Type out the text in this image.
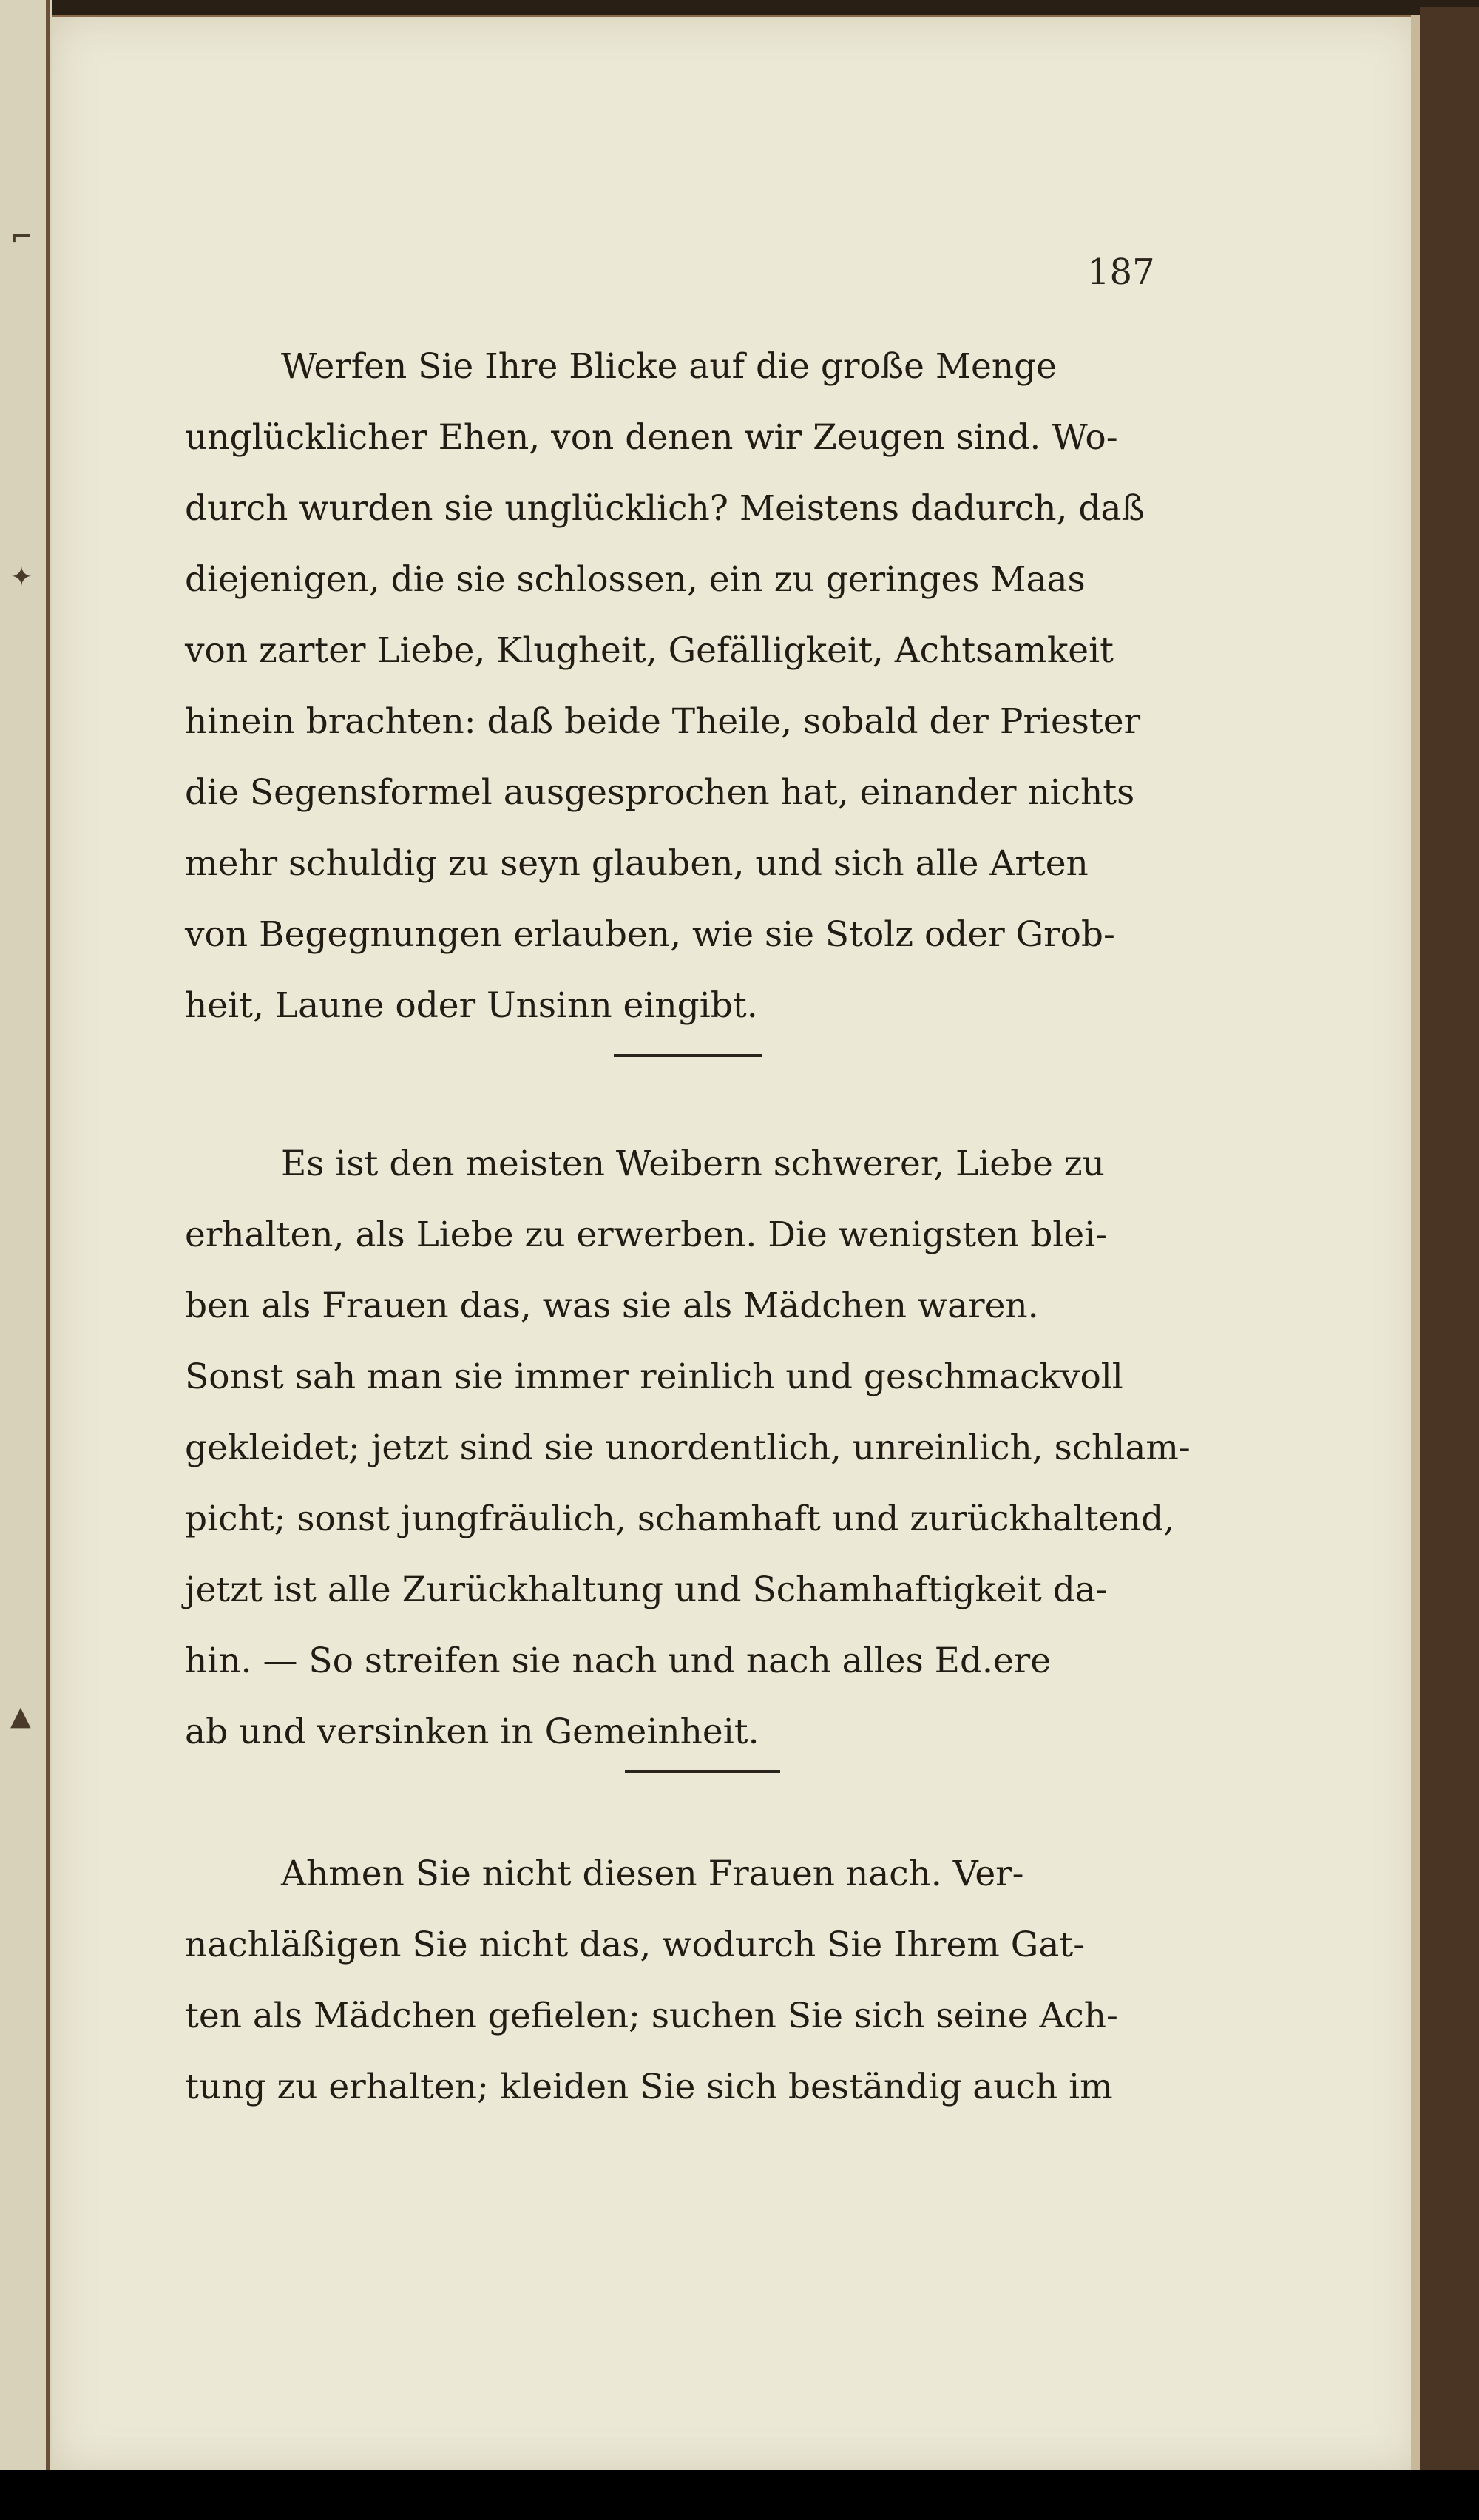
⌐
✦
▲
187
Werfen Sie Ihre Blicke auf die große Menge
unglücklicher Ehen, von denen wir Zeugen sind. Wo-
durch wurden sie unglücklich? Meistens dadurch, daß
diejenigen, die sie schlossen, ein zu geringes Maas
von zarter Liebe, Klugheit, Gefälligkeit, Achtsamkeit
hinein brachten: daß beide Theile, sobald der Priester
die Segensformel ausgesprochen hat, einander nichts
mehr schuldig zu seyn glauben, und sich alle Arten
von Begegnungen erlauben, wie sie Stolz oder Grob-
heit, Laune oder Unsinn eingibt.
Es ist den meisten Weibern schwerer, Liebe zu
erhalten, als Liebe zu erwerben. Die wenigsten blei-
ben als Frauen das, was sie als Mädchen waren.
Sonst sah man sie immer reinlich und geschmackvoll
gekleidet; jetzt sind sie unordentlich, unreinlich, schlam-
picht; sonst jungfräulich, schamhaft und zurückhaltend,
jetzt ist alle Zurückhaltung und Schamhaftigkeit da-
hin. — So streifen sie nach und nach alles Ed.ere
ab und versinken in Gemeinheit.
Ahmen Sie nicht diesen Frauen nach. Ver-
nachläßigen Sie nicht das, wodurch Sie Ihrem Gat-
ten als Mädchen gefielen; suchen Sie sich seine Ach-
tung zu erhalten; kleiden Sie sich beständig auch im
